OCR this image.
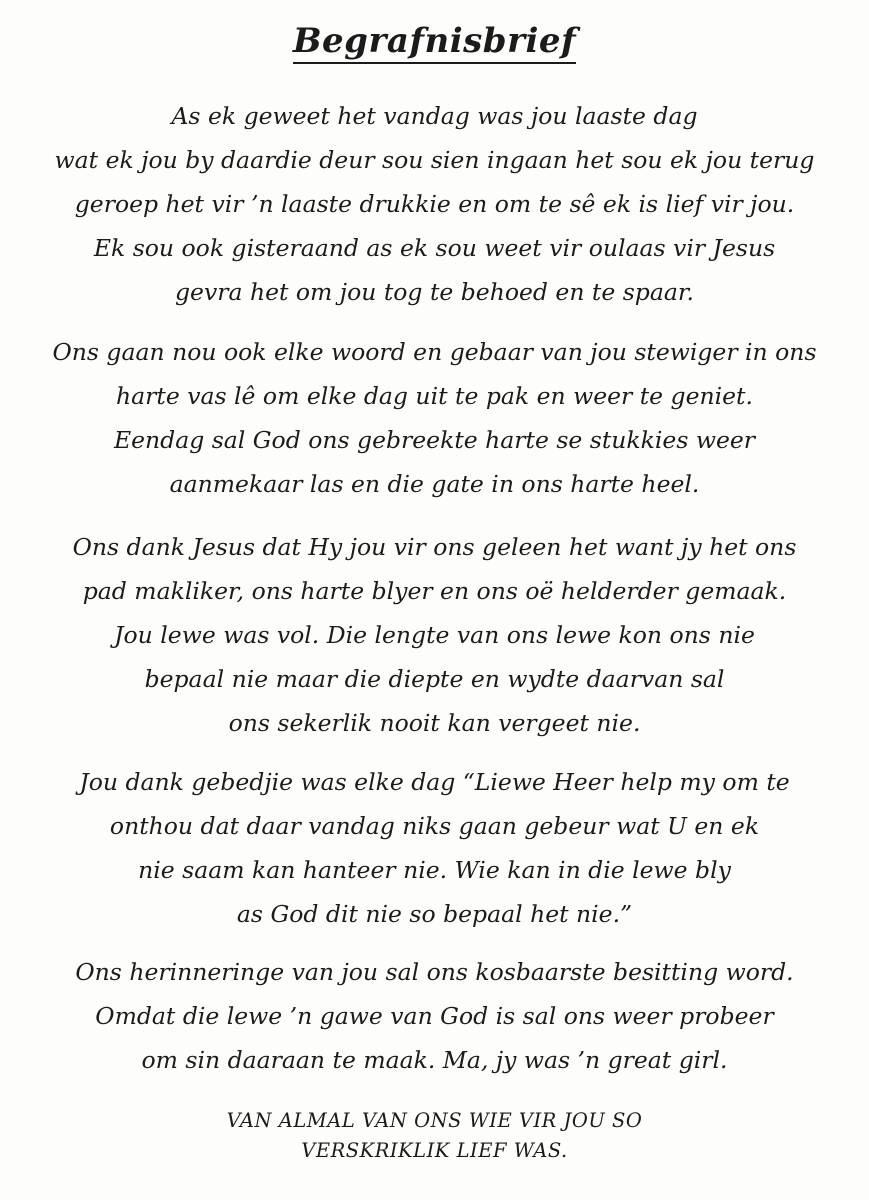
Begrafnisbrief
As ek geweet het vandag was jou laaste dag
wat ek jou by daardie deur sou sien ingaan het sou ek jou terug
geroep het vir ’n laaste drukkie en om te sê ek is lief vir jou.
Ek sou ook gisteraand as ek sou weet vir oulaas vir Jesus
gevra het om jou tog te behoed en te spaar.
Ons gaan nou ook elke woord en gebaar van jou stewiger in ons
harte vas lê om elke dag uit te pak en weer te geniet.
Eendag sal God ons gebreekte harte se stukkies weer
aanmekaar las en die gate in ons harte heel.
Ons dank Jesus dat Hy jou vir ons geleen het want jy het ons
pad makliker, ons harte blyer en ons oë helderder gemaak.
Jou lewe was vol. Die lengte van ons lewe kon ons nie
bepaal nie maar die diepte en wydte daarvan sal
ons sekerlik nooit kan vergeet nie.
Jou dank gebedjie was elke dag “Liewe Heer help my om te
onthou dat daar vandag niks gaan gebeur wat U en ek
nie saam kan hanteer nie. Wie kan in die lewe bly
as God dit nie so bepaal het nie.”
Ons herinneringe van jou sal ons kosbaarste besitting word.
Omdat die lewe ’n gawe van God is sal ons weer probeer
om sin daaraan te maak. Ma, jy was ’n great girl.
VAN ALMAL VAN ONS WIE VIR JOU SO
VERSKRIKLIK LIEF WAS.
